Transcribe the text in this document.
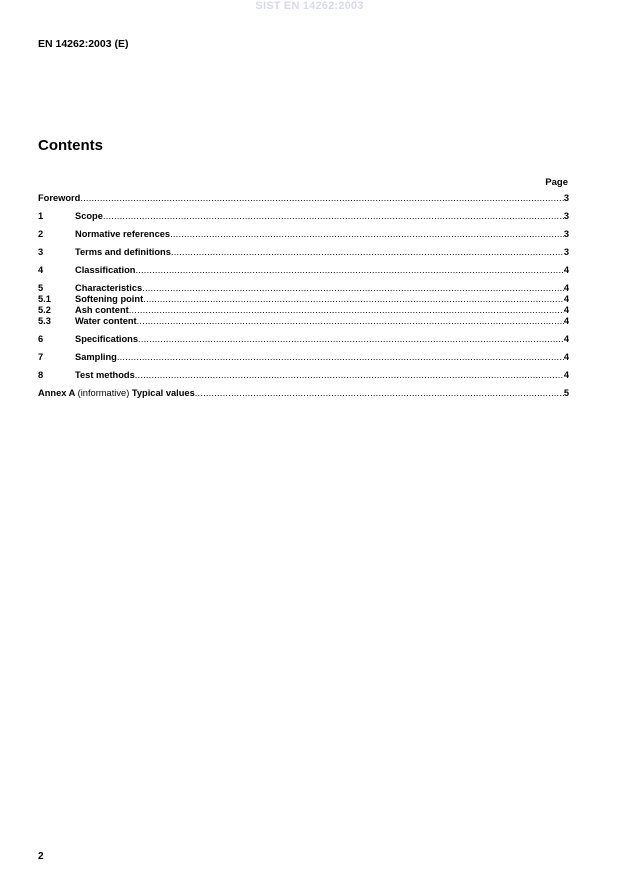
SIST EN 14262:2003
EN 14262:2003 (E)
Contents
Page
Foreword .....	3
1	Scope .....	3
2	Normative references .....	3
3	Terms and definitions .....	3
4	Classification .....	4
5	Characteristics .....	4
5.1	Softening point .....	4
5.2	Ash content .....	4
5.3	Water content .....	4
6	Specifications .....	4
7	Sampling .....	4
8	Test methods .....	4
Annex A (informative) Typical values .....	5
2
